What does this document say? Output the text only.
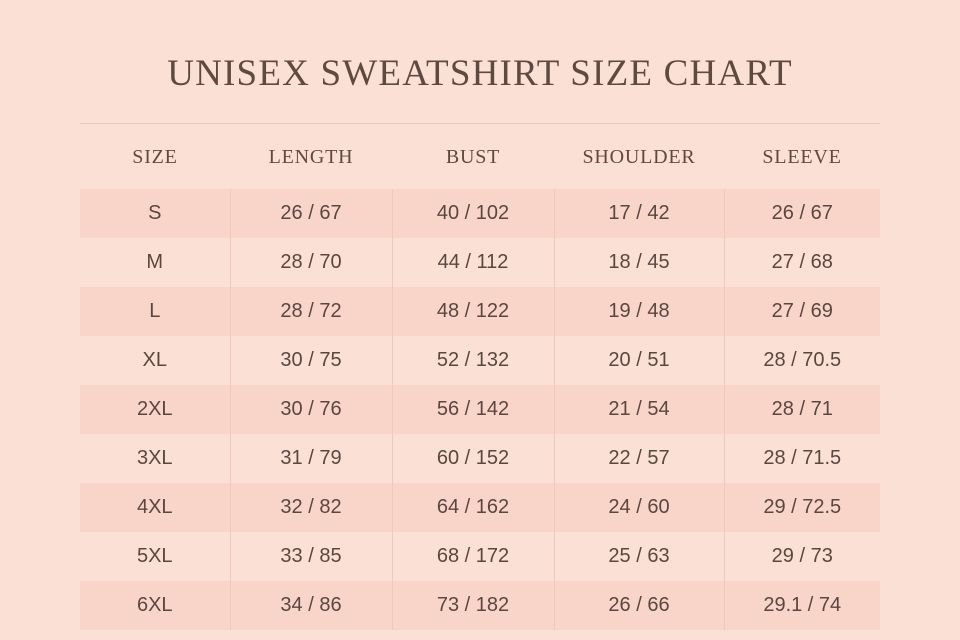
UNISEX SWEATSHIRT SIZE CHART
SIZE	LENGTH	BUST	SHOULDER	SLEEVE
S	26 / 67	40 / 102	17 / 42	26 / 67
M	28 / 70	44 / 112	18 / 45	27 / 68
L	28 / 72	48 / 122	19 / 48	27 / 69
XL	30 / 75	52 / 132	20 / 51	28 / 70.5
2XL	30 / 76	56 / 142	21 / 54	28 / 71
3XL	31 / 79	60 / 152	22 / 57	28 / 71.5
4XL	32 / 82	64 / 162	24 / 60	29 / 72.5
5XL	33 / 85	68 / 172	25 / 63	29 / 73
6XL	34 / 86	73 / 182	26 / 66	29.1 / 74
